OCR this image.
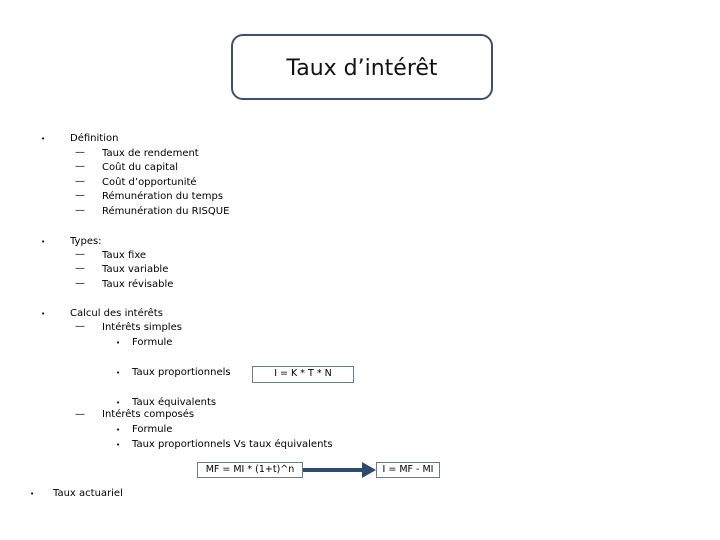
Taux d’intérêt
• Définition
— Taux de rendement
— Coût du capital
— Coût d’opportunité
— Rémunération du temps
— Rémunération du RISQUE
• Types:
— Taux fixe
— Taux variable
— Taux révisable
• Calcul des intérêts
— Intérêts simples
• Formule
• Taux proportionnels	I = K * T * N
• Taux équivalents
— Intérêts composés
• Formule
• Taux proportionnels Vs taux équivalents
MF = MI * (1+t)^n	I = MF - MI
• Taux actuariel
